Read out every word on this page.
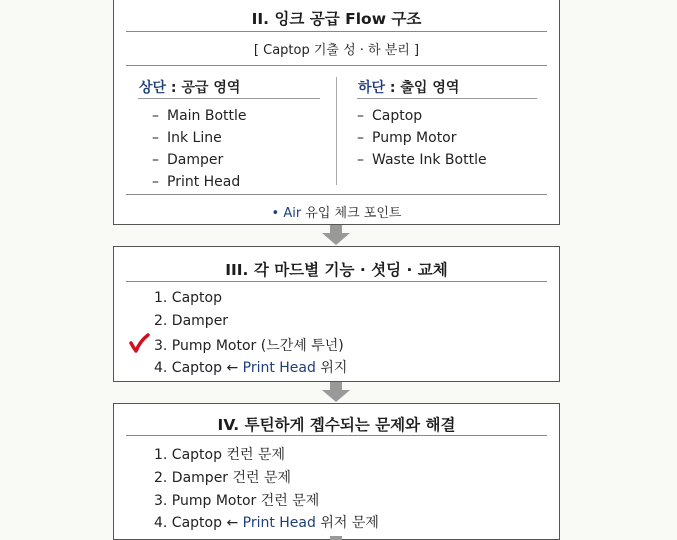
II. 잉크 공급 Flow 구조
[ Captop 기출 성 · 하 분리 ]
상단 : 공급 영역
– Main Bottle
– Ink Line
– Damper
– Print Head
하단 : 출입 영역
– Captop
– Pump Motor
– Waste Ink Bottle
• Air 유입 체크 포인트
III. 각 마드별 기능 · 셧딩 · 교체
1. Captop
2. Damper
3. Pump Motor (느간셰 투넌)
4. Captop ← Print Head 위지
IV. 투틴하게 곕수되는 문제와 해결
1. Captop 컨런 문제
2. Damper 건런 문제
3. Pump Motor 건런 문제
4. Captop ← Print Head 위저 문제
